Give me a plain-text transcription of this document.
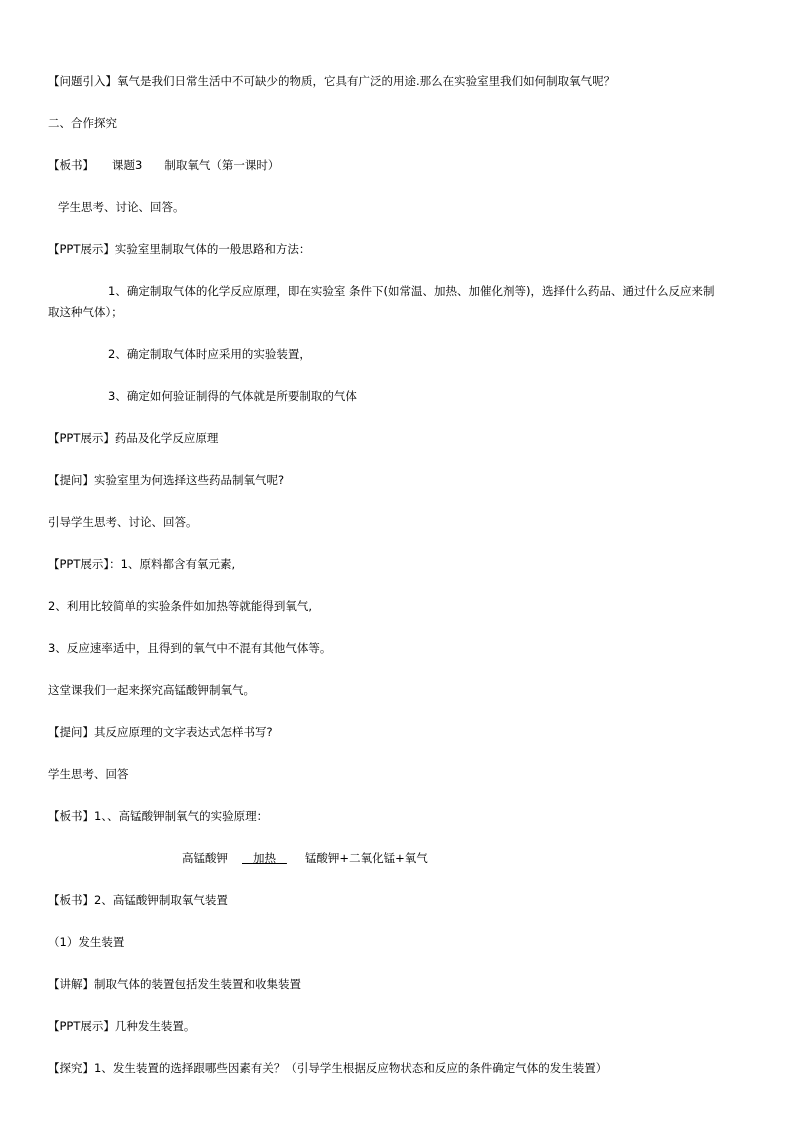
【问题引入】氧气是我们日常生活中不可缺少的物质，它具有广泛的用途.那么在实验室里我们如何制取氧气呢？
二、合作探究
【板书】 课题3 制取氧气（第一课时）
学生思考、讨论、回答。
【PPT展示】实验室里制取气体的一般思路和方法：
1、确定制取气体的化学反应原理，即在实验室 条件下(如常温、加热、加催化剂等)，选择什么药品、通过什么反应来制
取这种气体）；
2、确定制取气体时应采用的实验装置，
3、确定如何验证制得的气体就是所要制取的气体
【PPT展示】药品及化学反应原理
【提问】实验室里为何选择这些药品制氧气呢?
引导学生思考、讨论、回答。
【PPT展示】：1、原料都含有氧元素,
2、利用比较简单的实验条件如加热等就能得到氧气,
3、反应速率适中，且得到的氧气中不混有其他气体等。
这堂课我们一起来探究高锰酸钾制氧气。
【提问】其反应原理的文字表达式怎样书写?
学生思考、回答
【板书】1、、高锰酸钾制氧气的实验原理：
高锰酸钾 加热	锰酸钾+二氧化锰+氧气
【板书】2、高锰酸钾制取氧气装置
（1）发生装置
【讲解】制取气体的装置包括发生装置和收集装置
【PPT展示】几种发生装置。
【探究】1、发生装置的选择跟哪些因素有关？（引导学生根据反应物状态和反应的条件确定气体的发生装置）
